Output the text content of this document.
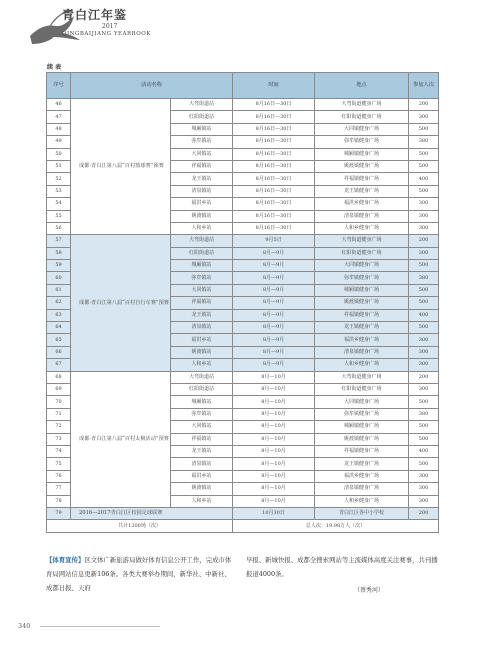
青白江年鉴
2017
QINGBAIJIANG YEARBOOK
续 表
序号	活动名称		时间	地点	参加人次
46	成都·青白江第八届“百村篮球赛”预赛	大弯街道站	8月16日—30日	大弯街道健身广场	200
47		红阳街道站	8月16日—30日	红阳街道健身广场	300
48		城厢镇站	8月16日—30日	大同镇健身广场	500
49		弥牟镇站	8月16日—30日	弥牟镇健身广场	380
50		大同镇站	8月16日—30日	城厢镇健身广场	500
51		祥福镇站	8月16日—30日	姚渡镇健身广场	500
52		龙王镇站	8月16日—30日	祥福镇健身广场	400
53		清泉镇站	8月16日—30日	龙王镇健身广场	500
54		福洪乡站	8月16日—30日	福洪乡健身广场	300
55		姚渡镇站	8月16日—30日	清泉镇健身广场	300
56		人和乡站	8月16日—30日	人和乡健身广场	300
57	成都·青白江第八届“百村自行车赛”预赛	大弯街道站	9月5日	大弯街道健身广场	200
58		红阳街道站	8月—9月	红阳街道健身广场	300
59		城厢镇站	8月—9月	大同镇健身广场	500
60		弥牟镇站	8月—9月	弥牟镇健身广场	380
61		大同镇站	8月—9月	城厢镇健身广场	500
62		祥福镇站	8月—9月	姚渡镇健身广场	500
63		龙王镇站	8月—9月	祥福镇健身广场	400
64		清泉镇站	8月—9月	龙王镇健身广场	500
65		福洪乡站	8月—9月	福洪乡健身广场	300
66		姚渡镇站	8月—9月	清泉镇健身广场	300
67		人和乡站	8月—9月	人和乡健身广场	300
68	成都·青白江第八届“百村太极活动”预赛	大弯街道站	8月—10月	大弯街道健身广场	200
69		红阳街道站	8月—10月	红阳街道健身广场	300
70		城厢镇站	8月—10月	大同镇健身广场	500
71		弥牟镇站	8月—10月	弥牟镇健身广场	380
72		大同镇站	8月—10月	城厢镇健身广场	500
73		祥福镇站	8月—10月	姚渡镇健身广场	500
74		龙王镇站	8月—10月	祥福镇健身广场	400
75		清泉镇站	8月—10月	龙王镇健身广场	500
76		福洪乡站	8月—10月	福洪乡健身广场	300
77		姚渡镇站	8月—10月	清泉镇健身广场	300
78		人和乡站	8月—10月	人和乡健身广场	300
79	2016—2017青白江区校园足球联赛		10月30日	青白江区各中小学校	200
共计1200场（次）			总人次：19.98万人（次）		
【体育宣传】区文体广新旅游局做好体育信息公开工作，完成市体育局网站信息更新106条。各类大赛举办期间，新华社、中新社、成都日报、天府
早报、新城快报、成都全搜索网站等主流媒体高度关注赛事，共刊播报道4000条。
（蔡秀河）
340
